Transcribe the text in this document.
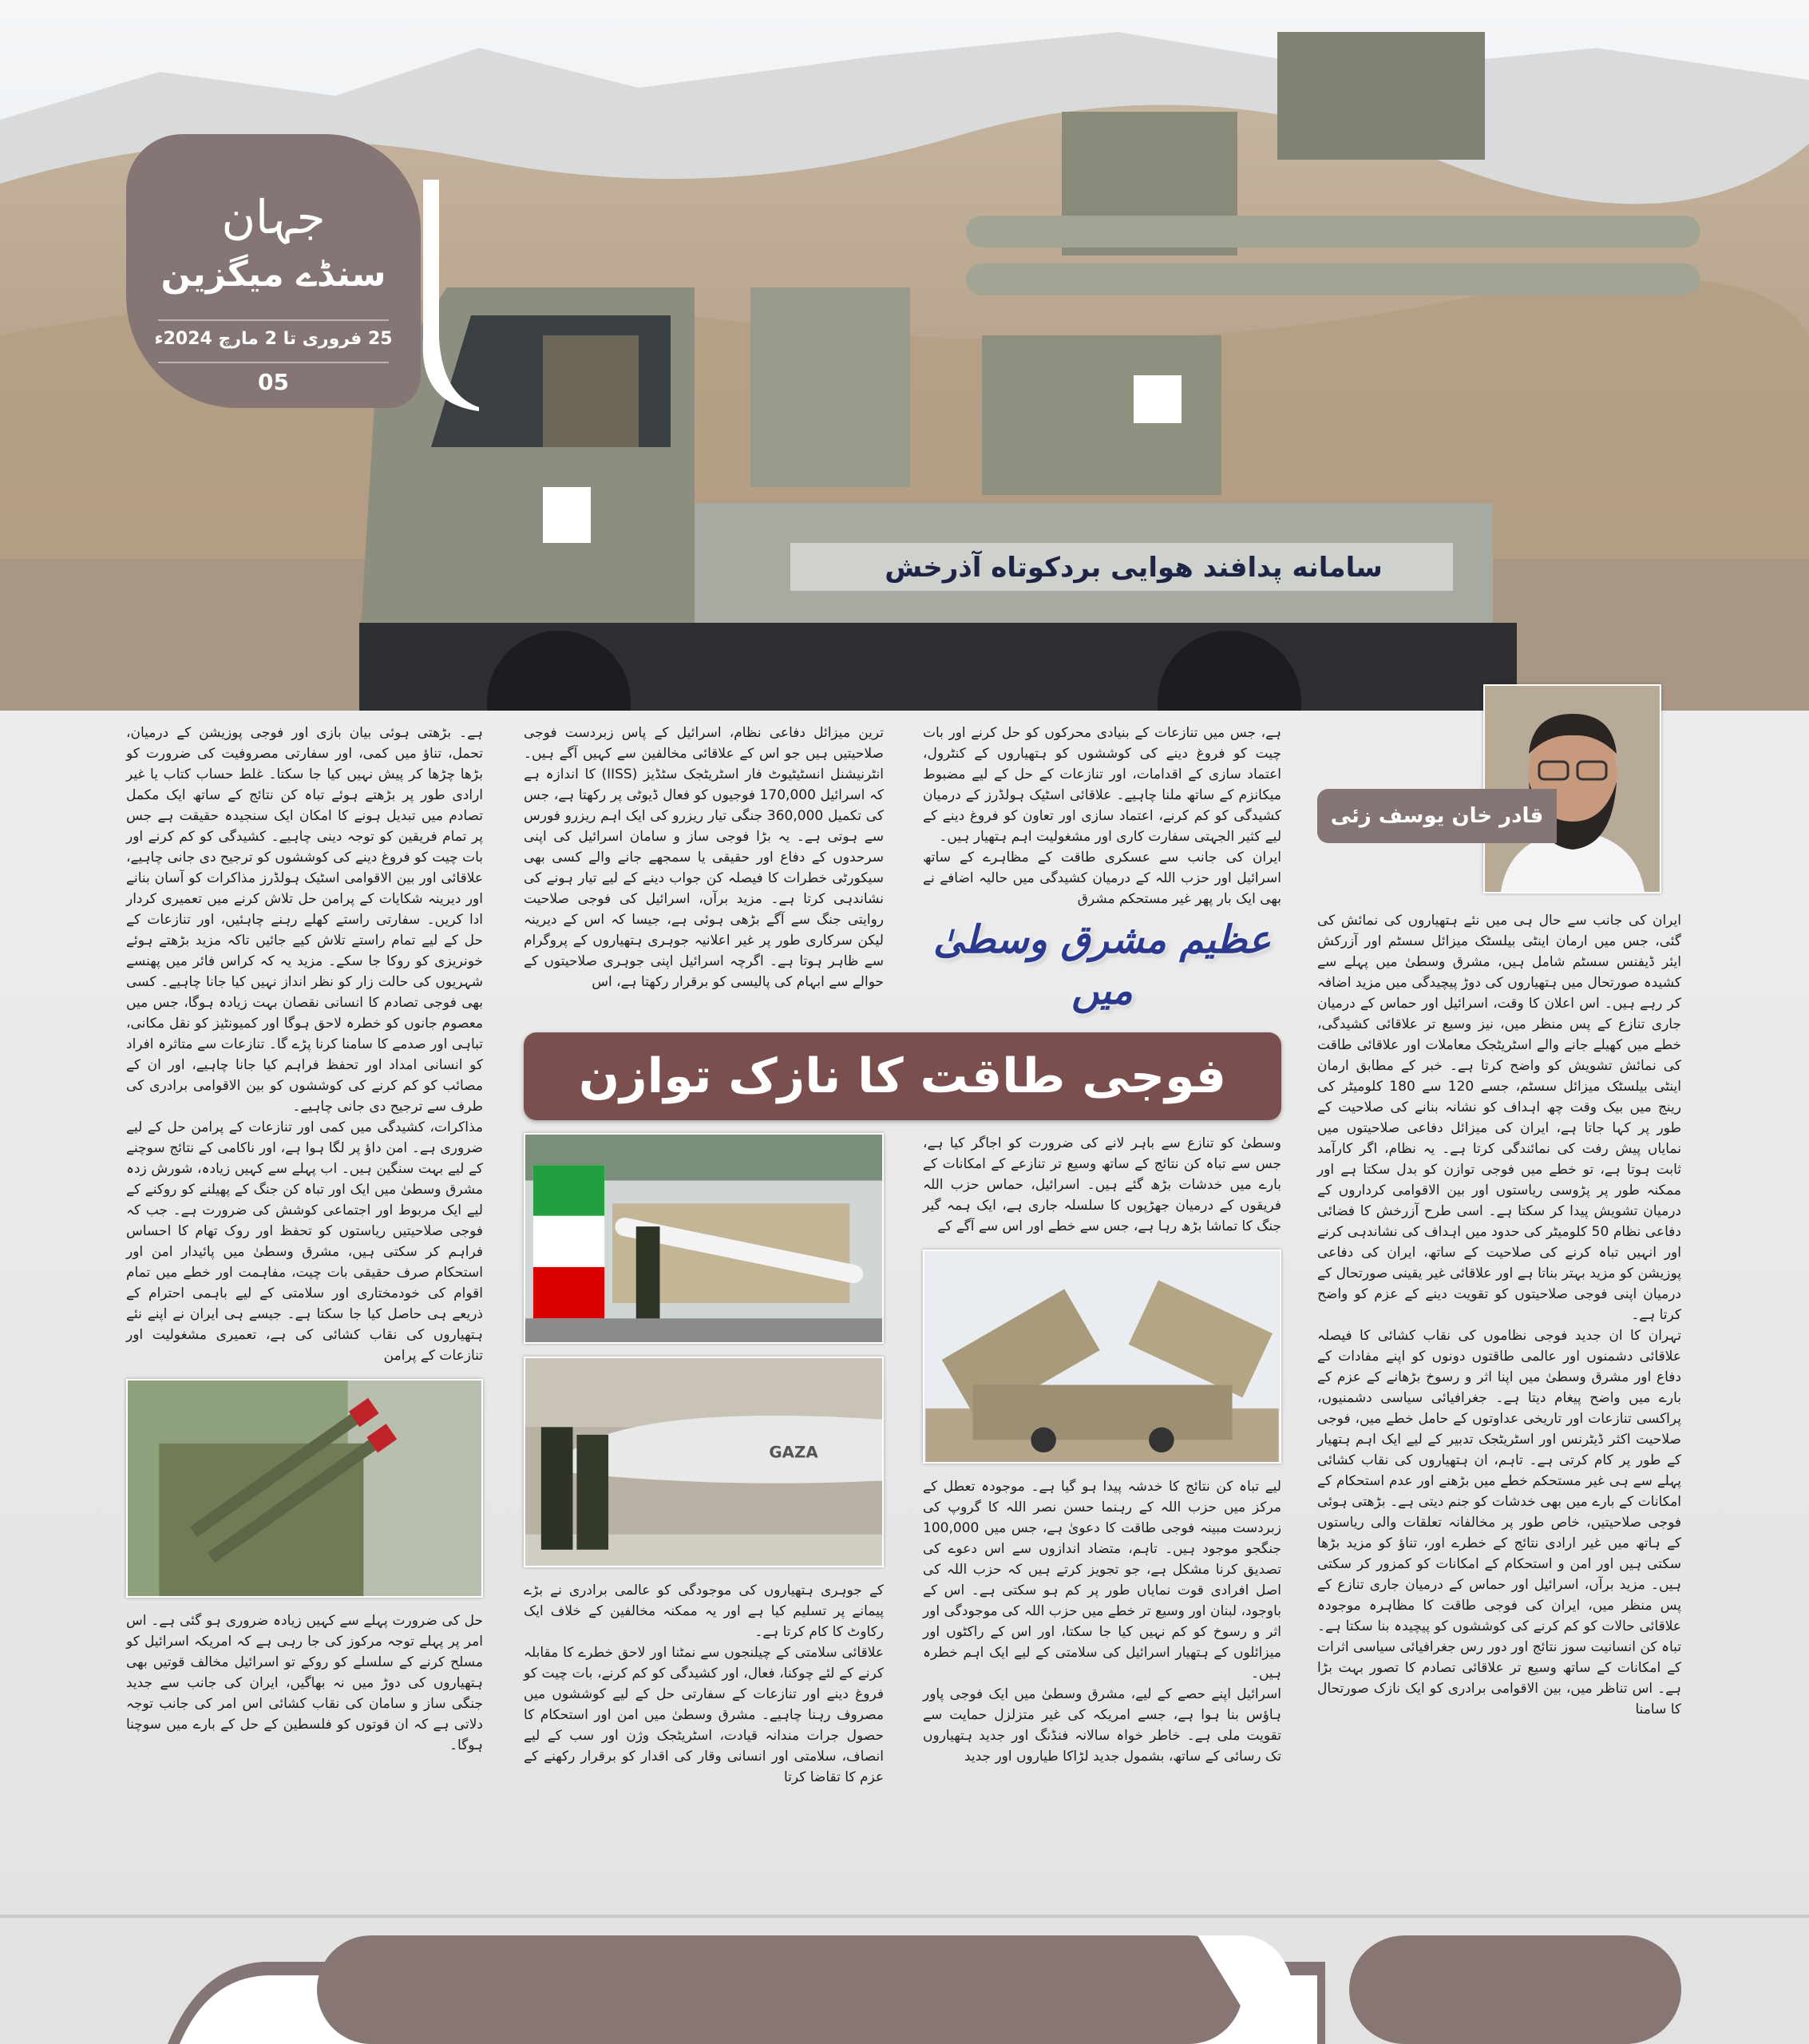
سامانه پدافند هوایی بردکوتاه آذرخش
جہان
سنڈے میگزین
25 فروری تا 2 مارچ 2024ء
05
قادر خان یوسف زئی

ایران کی جانب سے حال ہی میں نئے ہتھیاروں کی نمائش کی گئی، جس میں ارمان اینٹی بیلسٹک میزائل سسٹم اور آزرکش ایئر ڈیفنس سسٹم شامل ہیں، مشرق وسطیٰ میں پہلے سے کشیدہ صورتحال میں ہتھیاروں کی دوڑ پیچیدگی میں مزید اضافہ کر رہے ہیں۔ اس اعلان کا وقت، اسرائیل اور حماس کے درمیان جاری تنازع کے پس منظر میں، نیز وسیع تر علاقائی کشیدگی، خطے میں کھیلے جانے والے اسٹریٹجک معاملات اور علاقائی طاقت کی نمائش تشویش کو واضح کرتا ہے۔ خبر کے مطابق ارمان اینٹی بیلسٹک میزائل سسٹم، جسے 120 سے 180 کلومیٹر کی رینج میں بیک وقت چھ اہداف کو نشانہ بنانے کی صلاحیت کے طور پر کہا جاتا ہے، ایران کی میزائل دفاعی صلاحیتوں میں نمایاں پیش رفت کی نمائندگی کرتا ہے۔ یہ نظام، اگر کارآمد ثابت ہوتا ہے، تو خطے میں فوجی توازن کو بدل سکتا ہے اور ممکنہ طور پر پڑوسی ریاستوں اور بین الاقوامی کرداروں کے درمیان تشویش پیدا کر سکتا ہے۔ اسی طرح آزرخش کا فضائی دفاعی نظام 50 کلومیٹر کی حدود میں اہداف کی نشاندہی کرنے اور انہیں تباہ کرنے کی صلاحیت کے ساتھ، ایران کی دفاعی پوزیشن کو مزید بہتر بناتا ہے اور علاقائی غیر یقینی صورتحال کے درمیان اپنی فوجی صلاحیتوں کو تقویت دینے کے عزم کو واضح کرتا ہے۔

تہران کا ان جدید فوجی نظاموں کی نقاب کشائی کا فیصلہ علاقائی دشمنوں اور عالمی طاقتوں دونوں کو اپنے مفادات کے دفاع اور مشرق وسطیٰ میں اپنا اثر و رسوخ بڑھانے کے عزم کے بارے میں واضح پیغام دیتا ہے۔ جغرافیائی سیاسی دشمنیوں، پراکسی تنازعات اور تاریخی عداوتوں کے حامل خطے میں، فوجی صلاحیت اکثر ڈیٹرنس اور اسٹریٹجک تدبیر کے لیے ایک اہم ہتھیار کے طور پر کام کرتی ہے۔ تاہم، ان ہتھیاروں کی نقاب کشائی پہلے سے ہی غیر مستحکم خطے میں بڑھنے اور عدم استحکام کے امکانات کے بارے میں بھی خدشات کو جنم دیتی ہے۔ بڑھتی ہوئی فوجی صلاحیتیں، خاص طور پر مخالفانہ تعلقات والی ریاستوں کے ہاتھ میں غیر ارادی نتائج کے خطرے اور، تناؤ کو مزید بڑھا سکتی ہیں اور امن و استحکام کے امکانات کو کمزور کر سکتی ہیں۔ مزید برآں، اسرائیل اور حماس کے درمیان جاری تنازع کے پس منظر میں، ایران کی فوجی طاقت کا مظاہرہ موجودہ علاقائی حالات کو کم کرنے کی کوششوں کو پیچیدہ بنا سکتا ہے۔ تباہ کن انسانیت سوز نتائج اور دور رس جغرافیائی سیاسی اثرات کے امکانات کے ساتھ وسیع تر علاقائی تصادم کا تصور بہت بڑا ہے۔ اس تناظر میں، بین الاقوامی برادری کو ایک نازک صورتحال کا سامنا

ہے، جس میں تنازعات کے بنیادی محرکوں کو حل کرنے اور بات چیت کو فروغ دینے کی کوششوں کو ہتھیاروں کے کنٹرول، اعتماد سازی کے اقدامات، اور تنازعات کے حل کے لیے مضبوط میکانزم کے ساتھ ملنا چاہیے۔ علاقائی اسٹیک ہولڈرز کے درمیان کشیدگی کو کم کرنے، اعتماد سازی اور تعاون کو فروغ دینے کے لیے کثیر الجہتی سفارت کاری اور مشغولیت اہم ہتھیار ہیں۔

ایران کی جانب سے عسکری طاقت کے مظاہرے کے ساتھ اسرائیل اور حزب اللہ کے درمیان کشیدگی میں حالیہ اضافے نے بھی ایک بار پھر غیر مستحکم مشرق

عظیم مشرق وسطیٰ میں

ترین میزائل دفاعی نظام، اسرائیل کے پاس زبردست فوجی صلاحیتیں ہیں جو اس کے علاقائی مخالفین سے کہیں آگے ہیں۔ انٹرنیشنل انسٹیٹیوٹ فار اسٹریٹجک سٹڈیز (IISS) کا اندازہ ہے کہ اسرائیل 170,000 فوجیوں کو فعال ڈیوٹی پر رکھتا ہے، جس کی تکمیل 360,000 جنگی تیار ریزرو کی ایک اہم ریزرو فورس سے ہوتی ہے۔ یہ بڑا فوجی ساز و سامان اسرائیل کی اپنی سرحدوں کے دفاع اور حقیقی یا سمجھے جانے والے کسی بھی سیکورٹی خطرات کا فیصلہ کن جواب دینے کے لیے تیار ہونے کی نشاندہی کرتا ہے۔ مزید برآں، اسرائیل کی فوجی صلاحیت روایتی جنگ سے آگے بڑھی ہوئی ہے، جیسا کہ اس کے دیرینہ لیکن سرکاری طور پر غیر اعلانیہ جوہری ہتھیاروں کے پروگرام سے ظاہر ہوتا ہے۔ اگرچہ اسرائیل اپنی جوہری صلاحیتوں کے حوالے سے ابہام کی پالیسی کو برقرار رکھتا ہے، اس

فوجی طاقت کا نازک توازن

وسطیٰ کو تنازع سے باہر لانے کی ضرورت کو اجاگر کیا ہے، جس سے تباہ کن نتائج کے ساتھ وسیع تر تنازعے کے امکانات کے بارے میں خدشات بڑھ گئے ہیں۔ اسرائیل، حماس حزب اللہ فریقوں کے درمیان جھڑپوں کا سلسلہ جاری ہے، ایک ہمہ گیر جنگ کا تماشا بڑھ رہا ہے، جس سے خطے اور اس سے آگے کے

لیے تباہ کن نتائج کا خدشہ پیدا ہو گیا ہے۔ موجودہ تعطل کے مرکز میں حزب اللہ کے رہنما حسن نصر اللہ کا گروپ کی زبردست مبینہ فوجی طاقت کا دعویٰ ہے، جس میں 100,000 جنگجو موجود ہیں۔ تاہم، متضاد اندازوں سے اس دعوے کی تصدیق کرنا مشکل ہے، جو تجویز کرتے ہیں کہ حزب اللہ کی اصل افرادی قوت نمایاں طور پر کم ہو سکتی ہے۔ اس کے باوجود، لبنان اور وسیع تر خطے میں حزب اللہ کی موجودگی اور اثر و رسوخ کو کم نہیں کیا جا سکتا، اور اس کے راکٹوں اور میزائلوں کے ہتھیار اسرائیل کی سلامتی کے لیے ایک اہم خطرہ ہیں۔

اسرائیل اپنے حصے کے لیے، مشرق وسطیٰ میں ایک فوجی پاور ہاؤس بنا ہوا ہے، جسے امریکہ کی غیر متزلزل حمایت سے تقویت ملی ہے۔ خاطر خواہ سالانہ فنڈنگ اور جدید ہتھیاروں تک رسائی کے ساتھ، بشمول جدید لڑاکا طیاروں اور جدید

GAZA

کے جوہری ہتھیاروں کی موجودگی کو عالمی برادری نے بڑے پیمانے پر تسلیم کیا ہے اور یہ ممکنہ مخالفین کے خلاف ایک رکاوٹ کا کام کرتا ہے۔

علاقائی سلامتی کے چیلنجوں سے نمٹنا اور لاحق خطرے کا مقابلہ کرنے کے لئے چوکنا، فعال، اور کشیدگی کو کم کرنے، بات چیت کو فروغ دینے اور تنازعات کے سفارتی حل کے لیے کوششوں میں مصروف رہنا چاہیے۔ مشرق وسطیٰ میں امن اور استحکام کا حصول جرات مندانہ قیادت، اسٹریٹجک وژن اور سب کے لیے انصاف، سلامتی اور انسانی وقار کی اقدار کو برقرار رکھنے کے عزم کا تقاضا کرتا

ہے۔ بڑھتی ہوئی بیان بازی اور فوجی پوزیشن کے درمیان، تحمل، تناؤ میں کمی، اور سفارتی مصروفیت کی ضرورت کو بڑھا چڑھا کر پیش نہیں کیا جا سکتا۔ غلط حساب کتاب یا غیر ارادی طور پر بڑھتے ہوئے تباہ کن نتائج کے ساتھ ایک مکمل تصادم میں تبدیل ہونے کا امکان ایک سنجیدہ حقیقت ہے جس پر تمام فریقین کو توجہ دینی چاہیے۔ کشیدگی کو کم کرنے اور بات چیت کو فروغ دینے کی کوششوں کو ترجیح دی جانی چاہیے، علاقائی اور بین الاقوامی اسٹیک ہولڈرز مذاکرات کو آسان بنانے اور دیرینہ شکایات کے پرامن حل تلاش کرنے میں تعمیری کردار ادا کریں۔ سفارتی راستے کھلے رہنے چاہئیں، اور تنازعات کے حل کے لیے تمام راستے تلاش کیے جائیں تاکہ مزید بڑھتے ہوئے خونریزی کو روکا جا سکے۔ مزید یہ کہ کراس فائر میں پھنسے شہریوں کی حالت زار کو نظر انداز نہیں کیا جانا چاہیے۔ کسی بھی فوجی تصادم کا انسانی نقصان بہت زیادہ ہوگا، جس میں معصوم جانوں کو خطرہ لاحق ہوگا اور کمیونٹیز کو نقل مکانی، تباہی اور صدمے کا سامنا کرنا پڑے گا۔ تنازعات سے متاثرہ افراد کو انسانی امداد اور تحفظ فراہم کیا جانا چاہیے، اور ان کے مصائب کو کم کرنے کی کوششوں کو بین الاقوامی برادری کی طرف سے ترجیح دی جانی چاہیے۔

مذاکرات، کشیدگی میں کمی اور تنازعات کے پرامن حل کے لیے ضروری ہے۔ امن داؤ پر لگا ہوا ہے، اور ناکامی کے نتائج سوچنے کے لیے بہت سنگین ہیں۔ اب پہلے سے کہیں زیادہ، شورش زدہ مشرق وسطیٰ میں ایک اور تباہ کن جنگ کے پھیلنے کو روکنے کے لیے ایک مربوط اور اجتماعی کوشش کی ضرورت ہے۔ جب کہ فوجی صلاحیتیں ریاستوں کو تحفظ اور روک تھام کا احساس فراہم کر سکتی ہیں، مشرق وسطیٰ میں پائیدار امن اور استحکام صرف حقیقی بات چیت، مفاہمت اور خطے میں تمام اقوام کی خودمختاری اور سلامتی کے لیے باہمی احترام کے ذریعے ہی حاصل کیا جا سکتا ہے۔ جیسے ہی ایران نے اپنے نئے ہتھیاروں کی نقاب کشائی کی ہے، تعمیری مشغولیت اور تنازعات کے پرامن

حل کی ضرورت پہلے سے کہیں زیادہ ضروری ہو گئی ہے۔ اس امر پر پہلے توجہ مرکوز کی جا رہی ہے کہ امریکہ اسرائیل کو مسلح کرنے کے سلسلے کو روکے تو اسرائیل مخالف قوتیں بھی ہتھیاروں کی دوڑ میں نہ بھاگیں، ایران کی جانب سے جدید جنگی ساز و سامان کی نقاب کشائی اس امر کی جانب توجہ دلاتی ہے کہ ان قوتوں کو فلسطین کے حل کے بارے میں سوچنا ہوگا۔
